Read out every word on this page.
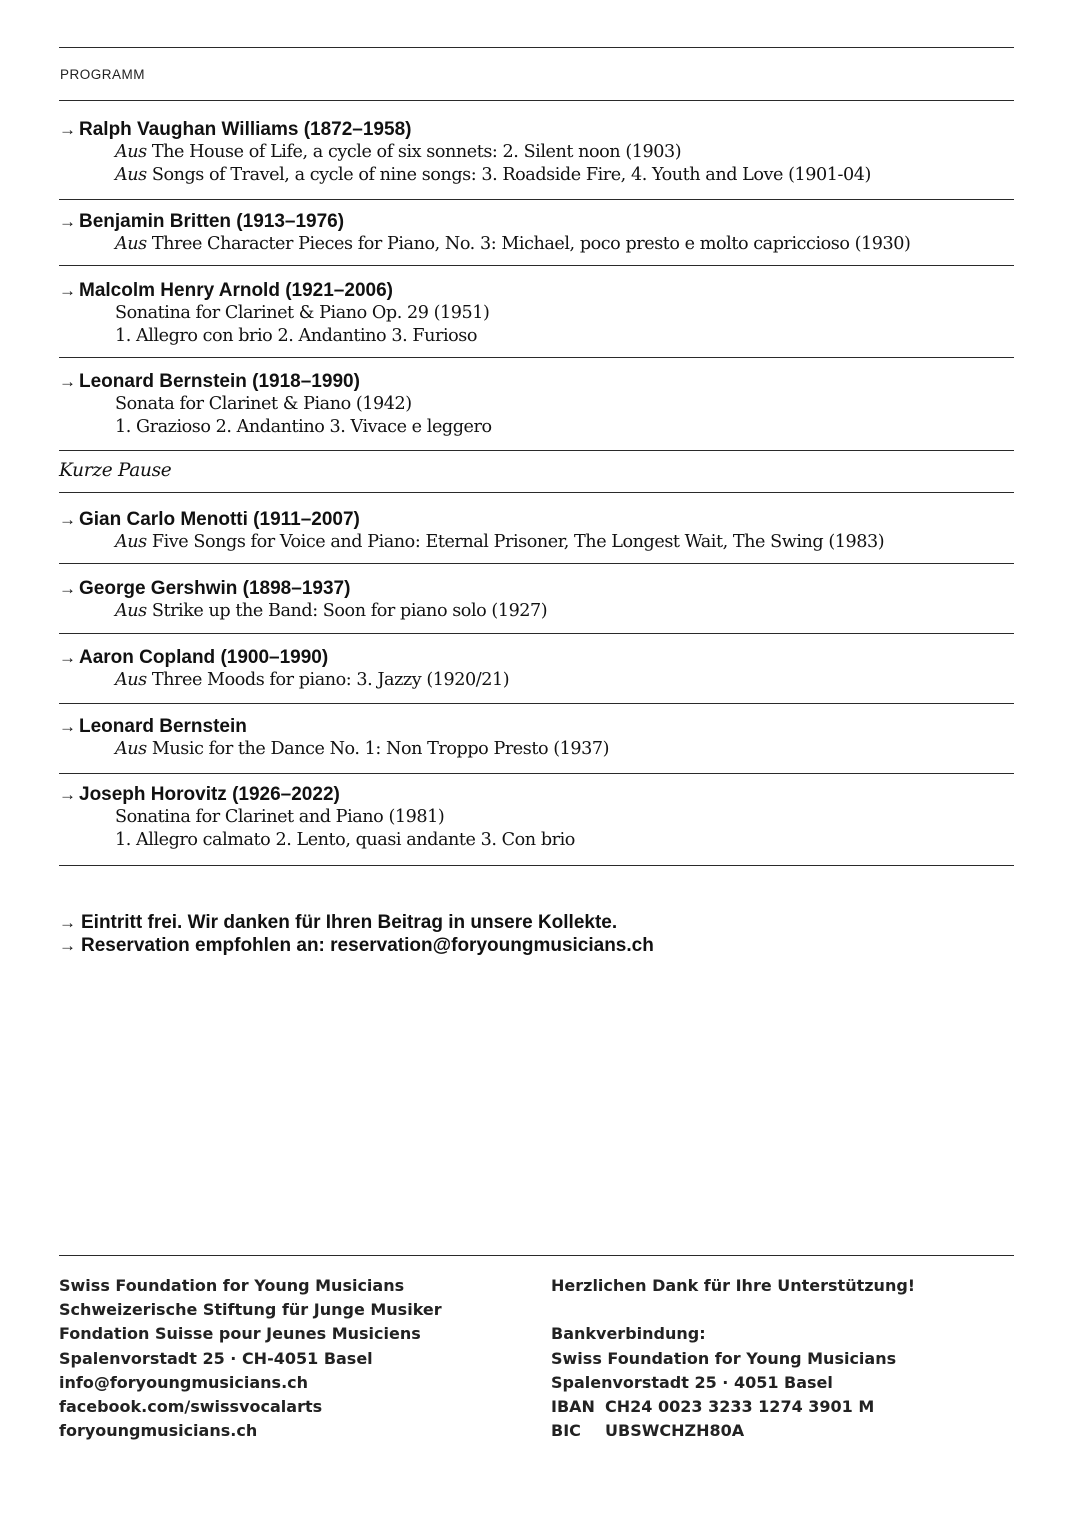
PROGRAMM
→ Ralph Vaughan Williams (1872–1958)
Aus The House of Life, a cycle of six sonnets: 2. Silent noon (1903)
Aus Songs of Travel, a cycle of nine songs: 3. Roadside Fire, 4. Youth and Love (1901-04)
→ Benjamin Britten (1913–1976)
Aus Three Character Pieces for Piano, No. 3: Michael, poco presto e molto capriccioso (1930)
→ Malcolm Henry Arnold (1921–2006)
Sonatina for Clarinet & Piano Op. 29 (1951)
1. Allegro con brio 2. Andantino 3. Furioso
→ Leonard Bernstein (1918–1990)
Sonata for Clarinet & Piano (1942)
1. Grazioso 2. Andantino 3. Vivace e leggero
Kurze Pause
→ Gian Carlo Menotti (1911–2007)
Aus Five Songs for Voice and Piano: Eternal Prisoner, The Longest Wait, The Swing (1983)
→ George Gershwin (1898–1937)
Aus Strike up the Band: Soon for piano solo (1927)
→ Aaron Copland (1900–1990)
Aus Three Moods for piano: 3. Jazzy (1920/21)
→ Leonard Bernstein
Aus Music for the Dance No. 1: Non Troppo Presto (1937)
→ Joseph Horovitz (1926–2022)
Sonatina for Clarinet and Piano (1981)
1. Allegro calmato 2. Lento, quasi andante 3. Con brio
→ Eintritt frei. Wir danken für Ihren Beitrag in unsere Kollekte.
→ Reservation empfohlen an: reservation@foryoungmusicians.ch
Swiss Foundation for Young Musicians
Schweizerische Stiftung für Junge Musiker
Fondation Suisse pour Jeunes Musiciens
Spalenvorstadt 25 · CH-4051 Basel
info@foryoungmusicians.ch
facebook.com/swissvocalarts
foryoungmusicians.ch
Herzlichen Dank für Ihre Unterstützung!
Bankverbindung:
Swiss Foundation for Young Musicians
Spalenvorstadt 25 · 4051 Basel
IBAN CH24 0023 3233 1274 3901 M
BIC UBSWCHZH80A
